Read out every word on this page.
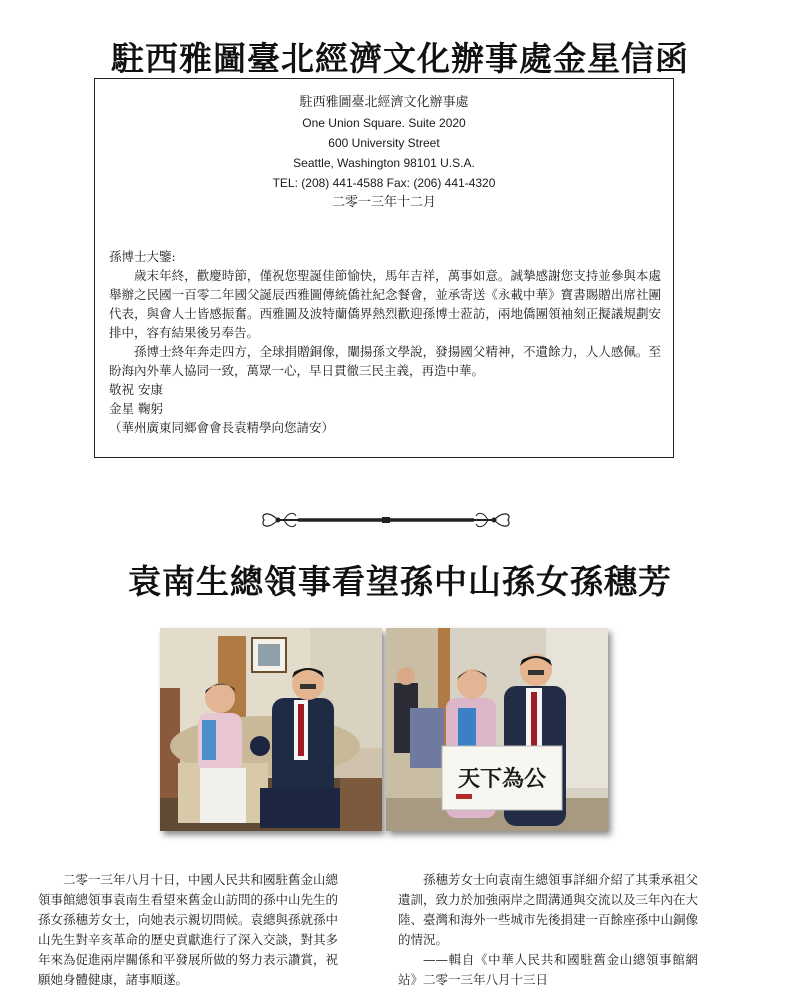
駐西雅圖臺北經濟文化辦事處金星信函
駐西雅圖臺北經濟文化辦事處
One Union Square. Suite 2020
600 University Street
Seattle, Washington 98101 U.S.A.
TEL: (208) 441-4588 Fax: (206) 441-4320
二零一三年十二月

孫博士大鑒:

歲末年終，歡慶時節，僅祝您聖誕佳節愉快，馬年吉祥，萬事如意。誠摯感謝您支持並參與本處舉辦之民國一百零二年國父誕辰西雅圖傳統僑社紀念餐會，並承寄送《永載中華》寶書賜贈出席社團代表，與會人士皆感振奮。西雅圖及波特蘭僑界熱烈歡迎孫博士蒞訪，兩地僑團領袖刻正擬議規劃安排中，容有結果後另奉告。

孫博士終年奔走四方，全球捐贈銅像，闡揚孫文學說，發揚國父精神，不遺餘力，人人感佩。至盼海內外華人協同一致，萬眾一心，早日貫徹三民主義，再造中華。

敬祝 安康

金星 鞠躬

（華州廣東同鄉會會長袁精學向您請安）

袁南生總領事看望孫中山孫女孫穗芳
天下為公

二零一三年八月十日，中國人民共和國駐舊金山總領事館總領事袁南生看望來舊金山訪問的孫中山先生的孫女孫穗芳女士，向她表示親切問候。袁總與孫就孫中山先生對辛亥革命的歷史貢獻進行了深入交談，對其多年來為促進兩岸關係和平發展所做的努力表示讚賞，祝願她身體健康，諸事順遂。

孫穗芳女士向袁南生總領事詳細介紹了其秉承祖父遺訓，致力於加強兩岸之間溝通與交流以及三年內在大陸、臺灣和海外一些城市先後捐建一百餘座孫中山銅像的情況。

——輯自《中華人民共和國駐舊金山總領事館網站》二零一三年八月十三日
